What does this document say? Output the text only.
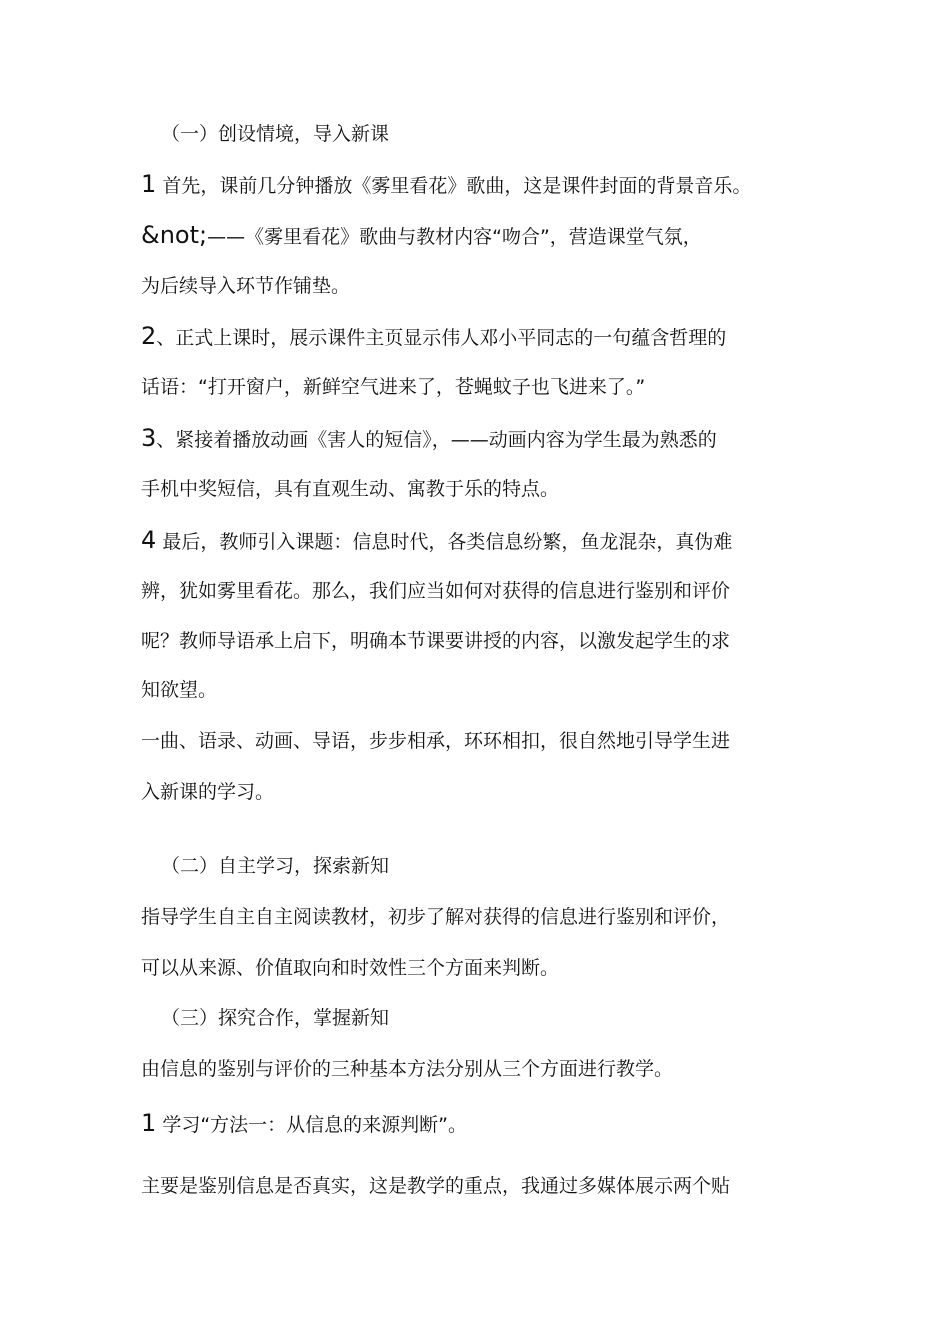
（一）创设情境，导入新课

1 首先，课前几分钟播放《雾里看花》歌曲，这是课件封面的背景音乐。

&not;——《雾里看花》歌曲与教材内容“吻合”，营造课堂气氛，

为后续导入环节作铺垫。

2、正式上课时，展示课件主页显示伟人邓小平同志的一句蕴含哲理的

话语：“打开窗户，新鲜空气进来了，苍蝇蚊子也飞进来了。”

3、紧接着播放动画《害人的短信》，——动画内容为学生最为熟悉的

手机中奖短信，具有直观生动、寓教于乐的特点。

4 最后，教师引入课题：信息时代，各类信息纷繁，鱼龙混杂，真伪难

辨，犹如雾里看花。那么，我们应当如何对获得的信息进行鉴别和评价

呢？教师导语承上启下，明确本节课要讲授的内容，以激发起学生的求

知欲望。

一曲、语录、动画、导语，步步相承，环环相扣，很自然地引导学生进

入新课的学习。

（二）自主学习，探索新知

指导学生自主自主阅读教材，初步了解对获得的信息进行鉴别和评价，

可以从来源、价值取向和时效性三个方面来判断。

（三）探究合作，掌握新知

由信息的鉴别与评价的三种基本方法分别从三个方面进行教学。

1 学习“方法一：从信息的来源判断”。

主要是鉴别信息是否真实，这是教学的重点，我通过多媒体展示两个贴
